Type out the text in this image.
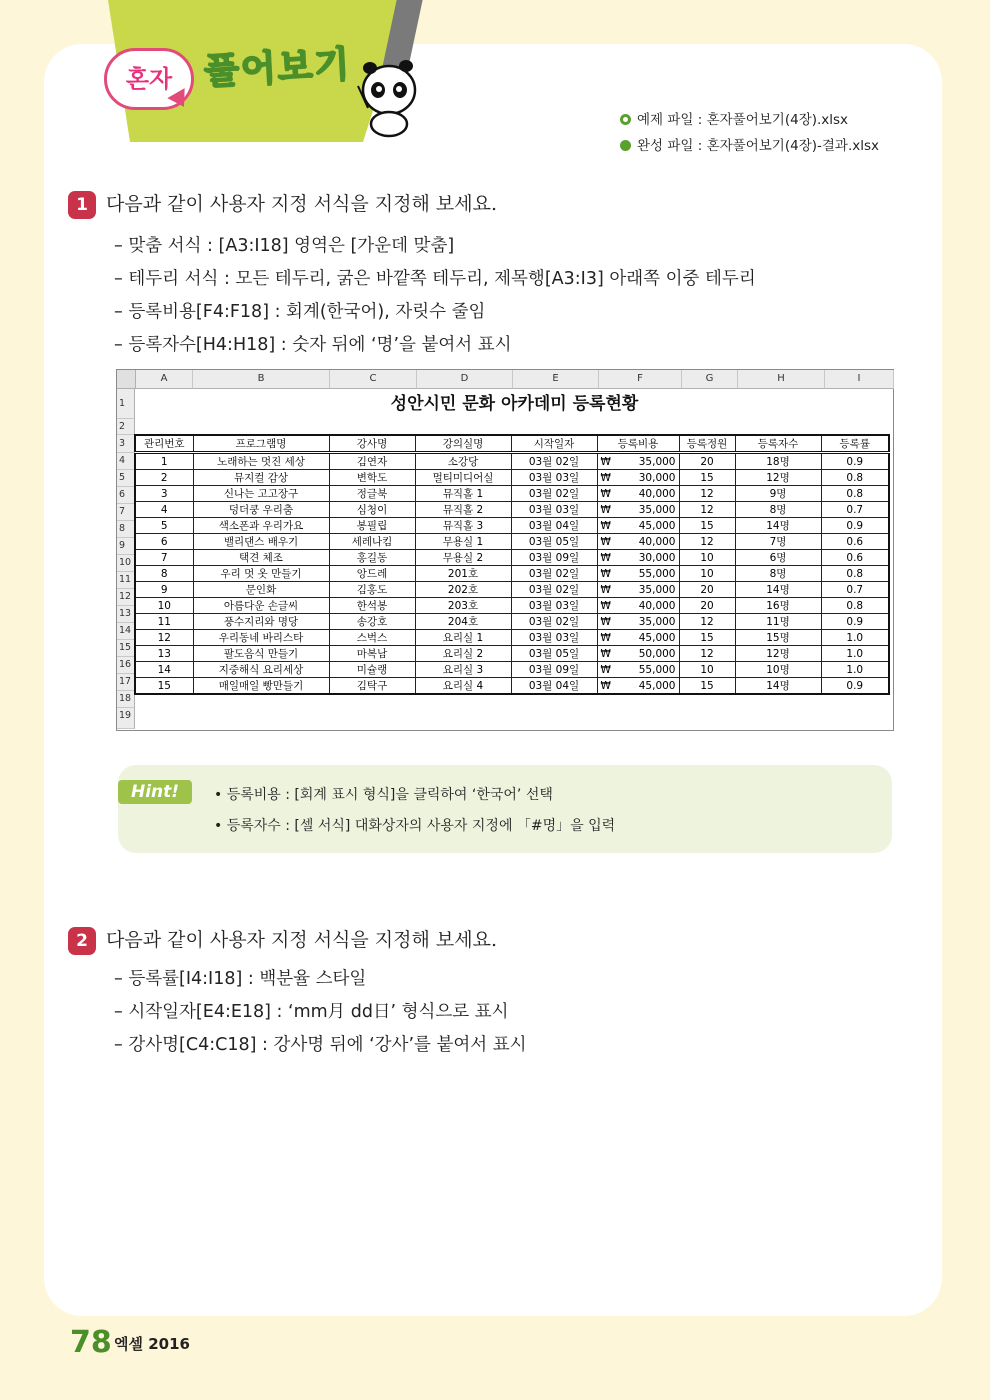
혼자 풀어보기
예제 파일 : 혼자풀어보기(4장).xlsx
완성 파일 : 혼자풀어보기(4장)-결과.xlsx
1 다음과 같이 사용자 지정 서식을 지정해 보세요.
– 맞춤 서식 : [A3:I18] 영역은 [가운데 맞춤]
– 테두리 서식 : 모든 테두리, 굵은 바깥쪽 테두리, 제목행[A3:I3] 아래쪽 이중 테두리
– 등록비용[F4:F18] : 회계(한국어), 자릿수 줄임
– 등록자수[H4:H18] : 숫자 뒤에 ‘명’을 붙여서 표시
A	B	C	D	E	F	G	H	I
1
2
3
4
5
6
7
8
9
10
11
12
13
14
15
16
17
18
19
성안시민 문화 아카데미 등록현황
관리번호	프로그램명	강사명	강의실명	시작일자	등록비용	등록정원	등록자수	등록률
1	노래하는 멋진 세상	김연자	소강당	03월 02일	₩ 35,000	20	18명	0.9
2	뮤지컬 감상	변학도	멀티미디어실	03월 03일	₩ 30,000	15	12명	0.8
3	신나는 고고장구	정글북	뮤직홀 1	03월 02일	₩ 40,000	12	9명	0.8
4	덩더쿵 우리춤	심청이	뮤직홀 2	03월 03일	₩ 35,000	12	8명	0.7
5	색소폰과 우리가요	봉필립	뮤직홀 3	03월 04일	₩ 45,000	15	14명	0.9
6	밸리댄스 배우기	세레나킴	무용실 1	03월 05일	₩ 40,000	12	7명	0.6
7	택견 체조	홍길동	무용실 2	03월 09일	₩ 30,000	10	6명	0.6
8	우리 멋 옷 만들기	앙드레	201호	03월 02일	₩ 55,000	10	8명	0.8
9	문인화	김홍도	202호	03월 02일	₩ 35,000	20	14명	0.7
10	아름다운 손글씨	한석봉	203호	03월 03일	₩ 40,000	20	16명	0.8
11	풍수지리와 명당	송강호	204호	03월 02일	₩ 35,000	12	11명	0.9
12	우리동네 바리스타	스벅스	요리실 1	03월 03일	₩ 45,000	15	15명	1.0
13	팔도음식 만들기	마복남	요리실 2	03월 05일	₩ 50,000	12	12명	1.0
14	지중해식 요리세상	미슐랭	요리실 3	03월 09일	₩ 55,000	10	10명	1.0
15	매일매일 빵만들기	김탁구	요리실 4	03월 04일	₩ 45,000	15	14명	0.9
Hint!	• 등록비용 : [회계 표시 형식]을 클릭하여 ‘한국어’ 선택
• 등록자수 : [셀 서식] 대화상자의 사용자 지정에 「#명」을 입력
2 다음과 같이 사용자 지정 서식을 지정해 보세요.
– 등록률[I4:I18] : 백분율 스타일
– 시작일자[E4:E18] : ‘mm月 dd日’ 형식으로 표시
– 강사명[C4:C18] : 강사명 뒤에 ‘강사’를 붙여서 표시
78 엑셀 2016
